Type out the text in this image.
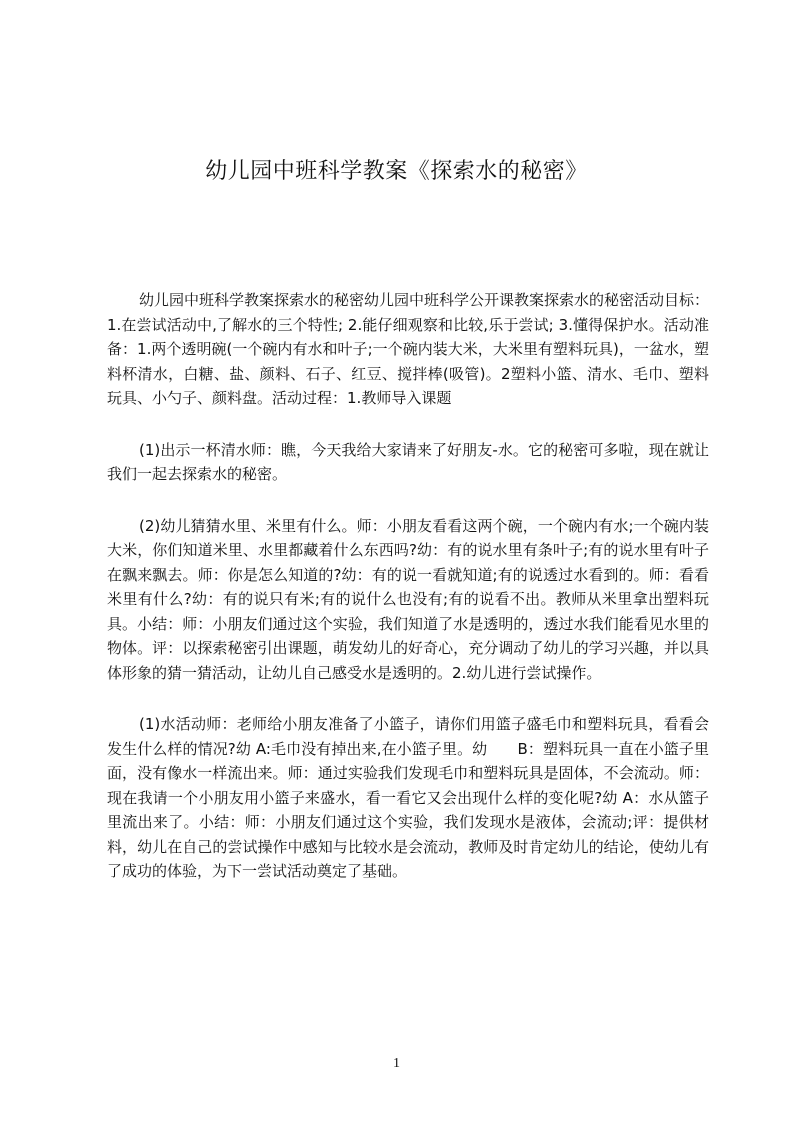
幼儿园中班科学教案《探索水的秘密》

幼儿园中班科学教案探索水的秘密幼儿园中班科学公开课教案探索水的秘密活动目标：1.在尝试活动中,了解水的三个特性; 2.能仔细观察和比较,乐于尝试; 3.懂得保护水。活动准备：1.两个透明碗(一个碗内有水和叶子;一个碗内装大米，大米里有塑料玩具)，一盆水，塑料杯清水，白糖、盐、颜料、石子、红豆、搅拌棒(吸管)。2塑料小篮、清水、毛巾、塑料玩具、小勺子、颜料盘。活动过程：1.教师导入课题

(1)出示一杯清水师：瞧，今天我给大家请来了好朋友-水。它的秘密可多啦，现在就让我们一起去探索水的秘密。

(2)幼儿猜猜水里、米里有什么。师：小朋友看看这两个碗，一个碗内有水;一个碗内装大米，你们知道米里、水里都藏着什么东西吗?幼：有的说水里有条叶子;有的说水里有叶子在飘来飘去。师：你是怎么知道的?幼：有的说一看就知道;有的说透过水看到的。师：看看米里有什么?幼：有的说只有米;有的说什么也没有;有的说看不出。教师从米里拿出塑料玩具。小结：师：小朋友们通过这个实验，我们知道了水是透明的，透过水我们能看见水里的物体。评：以探索秘密引出课题，萌发幼儿的好奇心，充分调动了幼儿的学习兴趣，并以具体形象的猜一猜活动，让幼儿自己感受水是透明的。2.幼儿进行尝试操作。

(1)水活动师：老师给小朋友准备了小篮子，请你们用篮子盛毛巾和塑料玩具，看看会发生什么样的情况?幼 A:毛巾没有掉出来,在小篮子里。幼　　B：塑料玩具一直在小篮子里面，没有像水一样流出来。师：通过实验我们发现毛巾和塑料玩具是固体，不会流动。师：现在我请一个小朋友用小篮子来盛水，看一看它又会出现什么样的变化呢?幼 A：水从篮子里流出来了。小结：师：小朋友们通过这个实验，我们发现水是液体，会流动;评：提供材料，幼儿在自己的尝试操作中感知与比较水是会流动，教师及时肯定幼儿的结论，使幼儿有了成功的体验，为下一尝试活动奠定了基础。

1
